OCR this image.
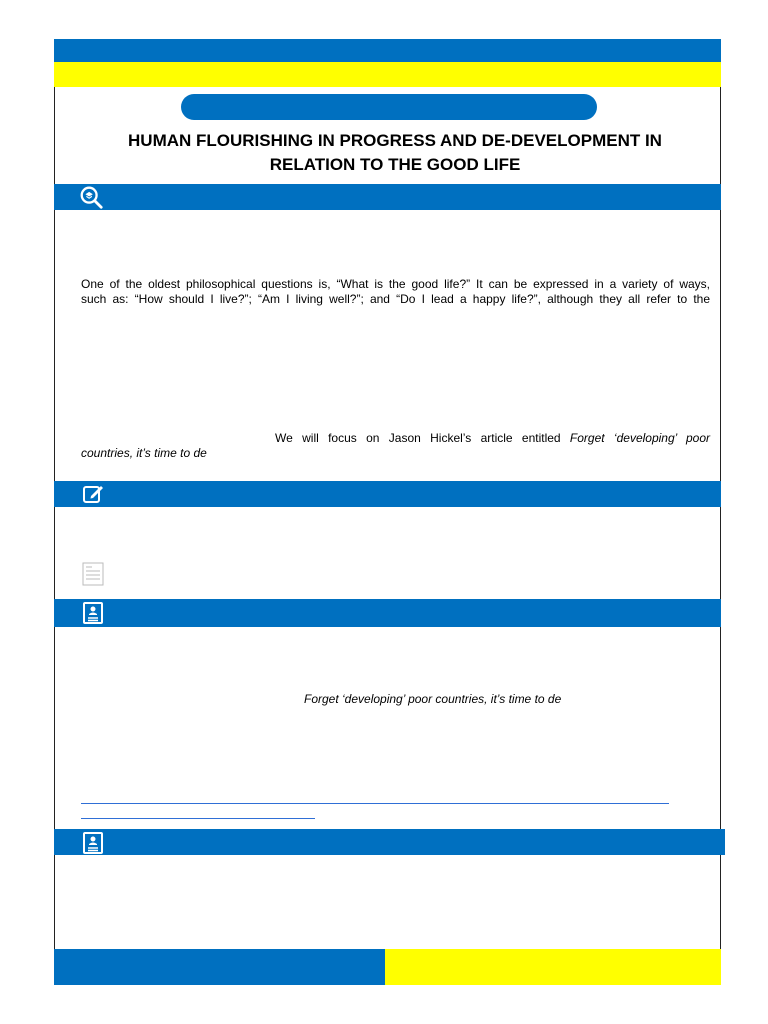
HUMAN FLOURISHING IN PROGRESS AND DE-DEVELOPMENT IN
RELATION TO THE GOOD LIFE
One of the oldest philosophical questions is, “What is the good life?” It can be expressed in a variety of ways,
such as: “How should I live?”; “Am I living well?”; and “Do I lead a happy life?”, although they all refer to the
We will focus on Jason Hickel’s article entitled Forget ‘developing’ poor
countries, it’s time to de
Forget ‘developing’ poor countries, it’s time to de
